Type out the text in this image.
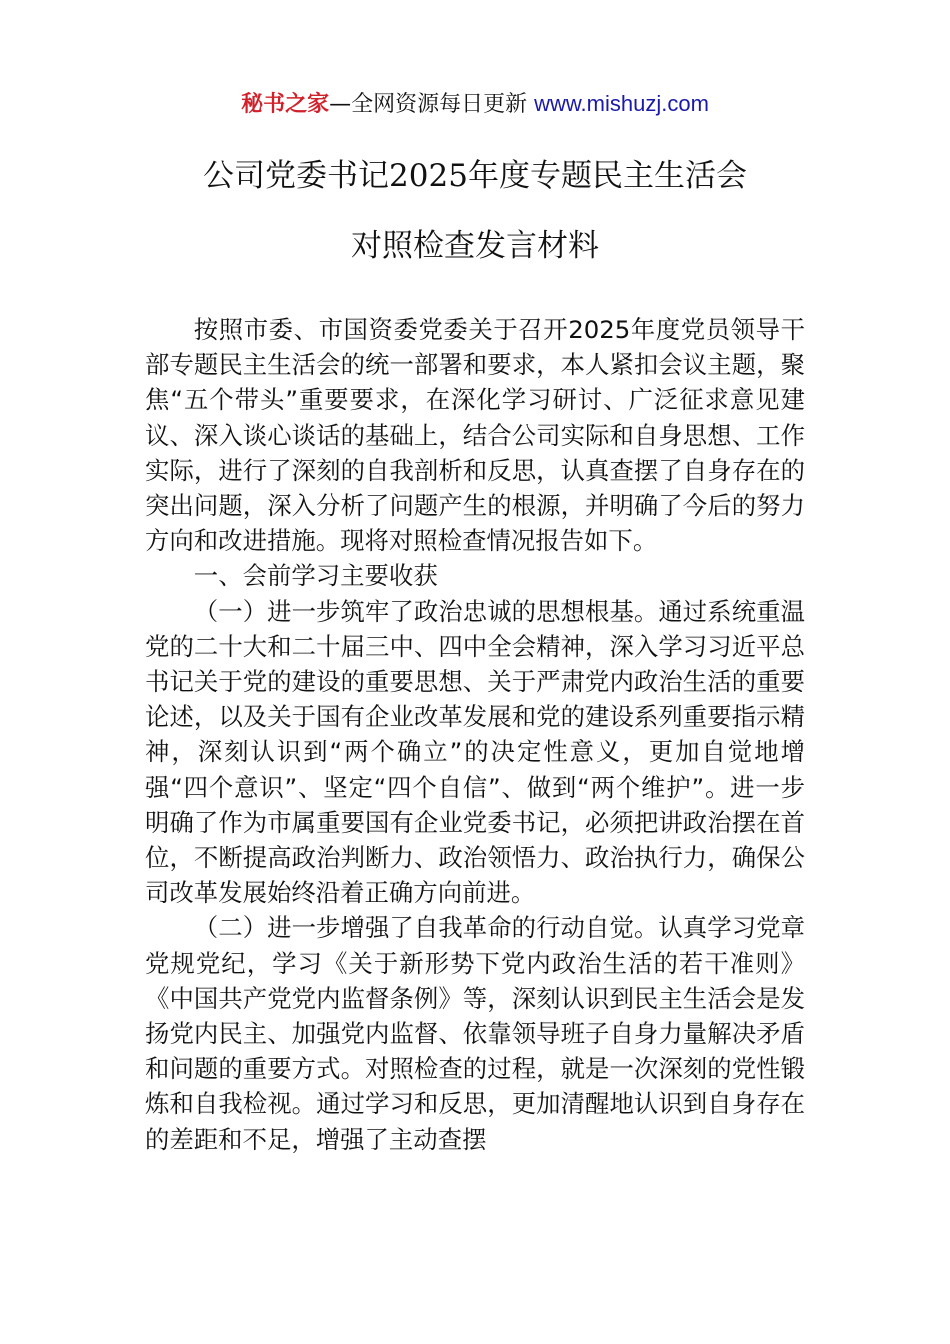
秘书之家—全网资源每日更新 www.mishuzj.com
公司党委书记2025年度专题民主生活会
对照检查发言材料

按照市委、市国资委党委关于召开2025年度党员领导干部专题民主生活会的统一部署和要求，本人紧扣会议主题，聚焦“五个带头”重要要求，在深化学习研讨、广泛征求意见建议、深入谈心谈话的基础上，结合公司实际和自身思想、工作实际，进行了深刻的自我剖析和反思，认真查摆了自身存在的突出问题，深入分析了问题产生的根源，并明确了今后的努力方向和改进措施。现将对照检查情况报告如下。

一、会前学习主要收获

（一）进一步筑牢了政治忠诚的思想根基。通过系统重温党的二十大和二十届三中、四中全会精神，深入学习习近平总书记关于党的建设的重要思想、关于严肃党内政治生活的重要论述，以及关于国有企业改革发展和党的建设系列重要指示精神，深刻认识到“两个确立”的决定性意义，更加自觉地增强“四个意识”、坚定“四个自信”、做到“两个维护”。进一步明确了作为市属重要国有企业党委书记，必须把讲政治摆在首位，不断提高政治判断力、政治领悟力、政治执行力，确保公司改革发展始终沿着正确方向前进。

（二）进一步增强了自我革命的行动自觉。认真学习党章党规党纪，学习《关于新形势下党内政治生活的若干准则》《中国共产党党内监督条例》等，深刻认识到民主生活会是发扬党内民主、加强党内监督、依靠领导班子自身力量解决矛盾和问题的重要方式。对照检查的过程，就是一次深刻的党性锻炼和自我检视。通过学习和反思，更加清醒地认识到自身存在的差距和不足，增强了主动查摆
